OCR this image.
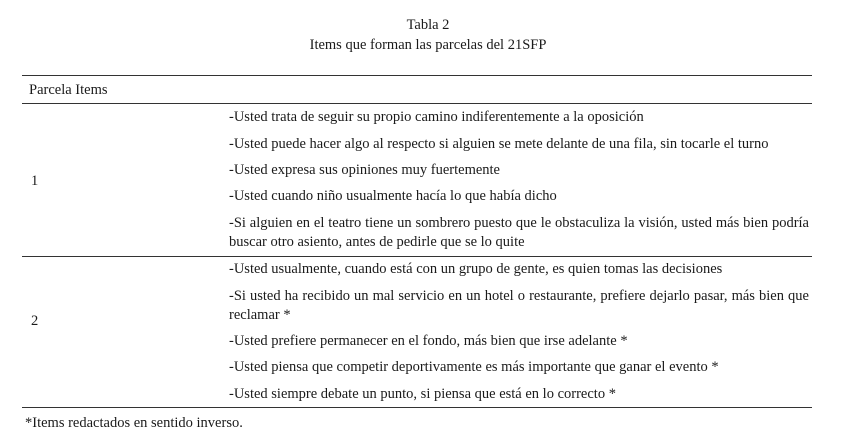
Tabla 2
Items que forman las parcelas del 21SFP
Parcela Items
1
-Usted trata de seguir su propio camino indiferentemente a la oposición
-Usted puede hacer algo al respecto si alguien se mete delante de una fila, sin tocarle el turno
-Usted expresa sus opiniones muy fuertemente
-Usted cuando niño usualmente hacía lo que había dicho
-Si alguien en el teatro tiene un sombrero puesto que le obstaculiza la visión, usted más bien podría buscar otro asiento, antes de pedirle que se lo quite
2
-Usted usualmente, cuando está con un grupo de gente, es quien tomas las decisiones
-Si usted ha recibido un mal servicio en un hotel o restaurante, prefiere dejarlo pasar, más bien que reclamar *
-Usted prefiere permanecer en el fondo, más bien que irse adelante *
-Usted piensa que competir deportivamente es más importante que ganar el evento *
-Usted siempre debate un punto, si piensa que está en lo correcto *
*Items redactados en sentido inverso.
